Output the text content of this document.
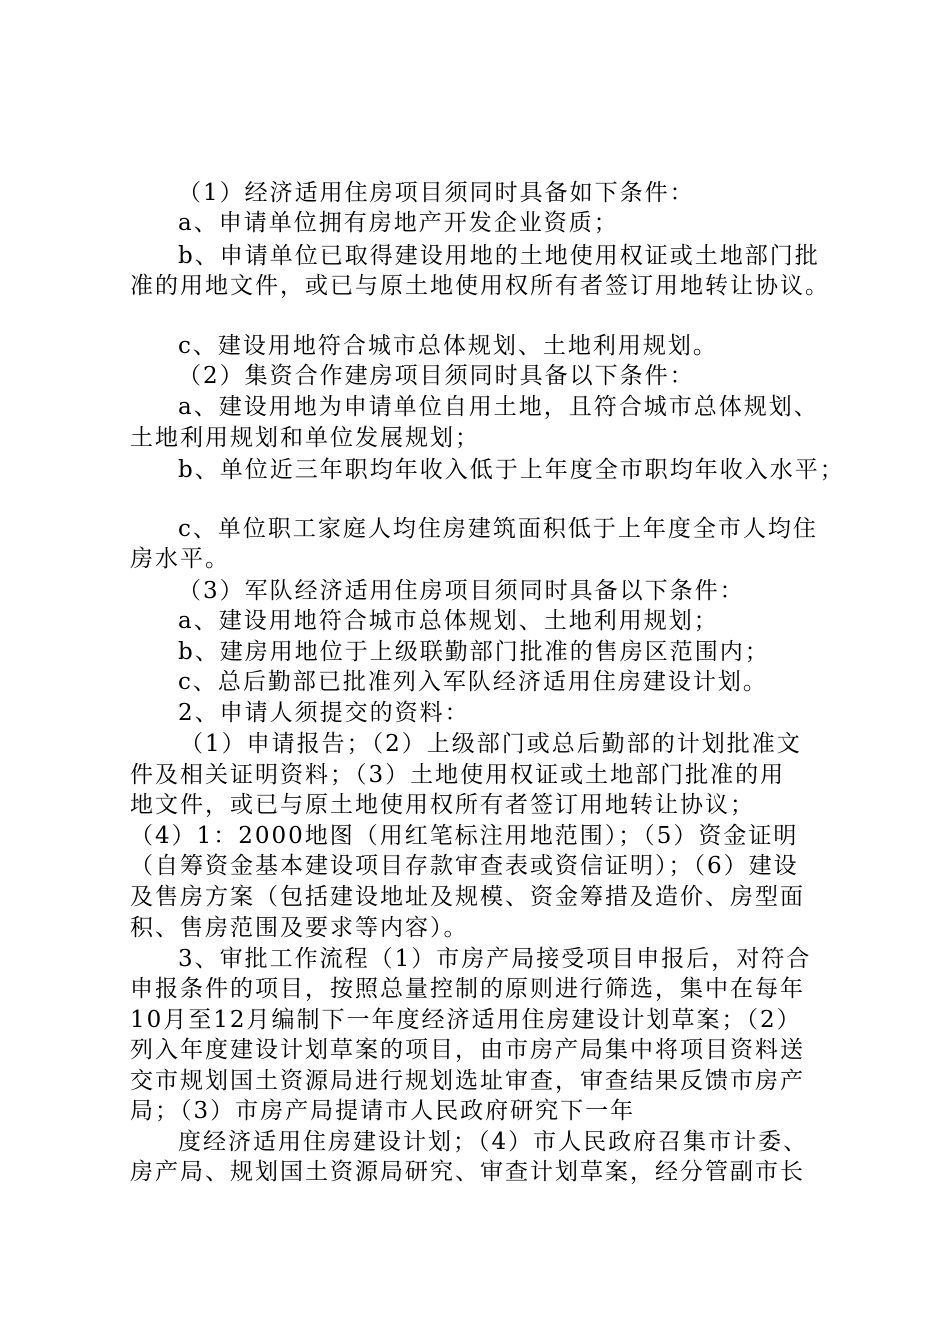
（1）经济适用住房项目须同时具备如下条件：
a、申请单位拥有房地产开发企业资质；
b、申请单位已取得建设用地的土地使用权证或土地部门批
准的用地文件，或已与原土地使用权所有者签订用地转让协议。
c、建设用地符合城市总体规划、土地利用规划。
（2）集资合作建房项目须同时具备以下条件：
a、建设用地为申请单位自用土地，且符合城市总体规划、
土地利用规划和单位发展规划；
b、单位近三年职均年收入低于上年度全市职均年收入水平；
c、单位职工家庭人均住房建筑面积低于上年度全市人均住
房水平。
（3）军队经济适用住房项目须同时具备以下条件：
a、建设用地符合城市总体规划、土地利用规划；
b、建房用地位于上级联勤部门批准的售房区范围内；
c、总后勤部已批准列入军队经济适用住房建设计划。
2、申请人须提交的资料：
（1）申请报告；（2）上级部门或总后勤部的计划批准文
件及相关证明资料；（3）土地使用权证或土地部门批准的用
地文件，或已与原土地使用权所有者签订用地转让协议；
（4）1：2000地图（用红笔标注用地范围）；（5）资金证明
（自筹资金基本建设项目存款审查表或资信证明）；（6）建设
及售房方案（包括建设地址及规模、资金筹措及造价、房型面
积、售房范围及要求等内容）。
3、审批工作流程（1）市房产局接受项目申报后，对符合
申报条件的项目，按照总量控制的原则进行筛选，集中在每年
10月至12月编制下一年度经济适用住房建设计划草案；（2）
列入年度建设计划草案的项目，由市房产局集中将项目资料送
交市规划国土资源局进行规划选址审查，审查结果反馈市房产
局；（3）市房产局提请市人民政府研究下一年
度经济适用住房建设计划；（4）市人民政府召集市计委、
房产局、规划国土资源局研究、审查计划草案，经分管副市长
